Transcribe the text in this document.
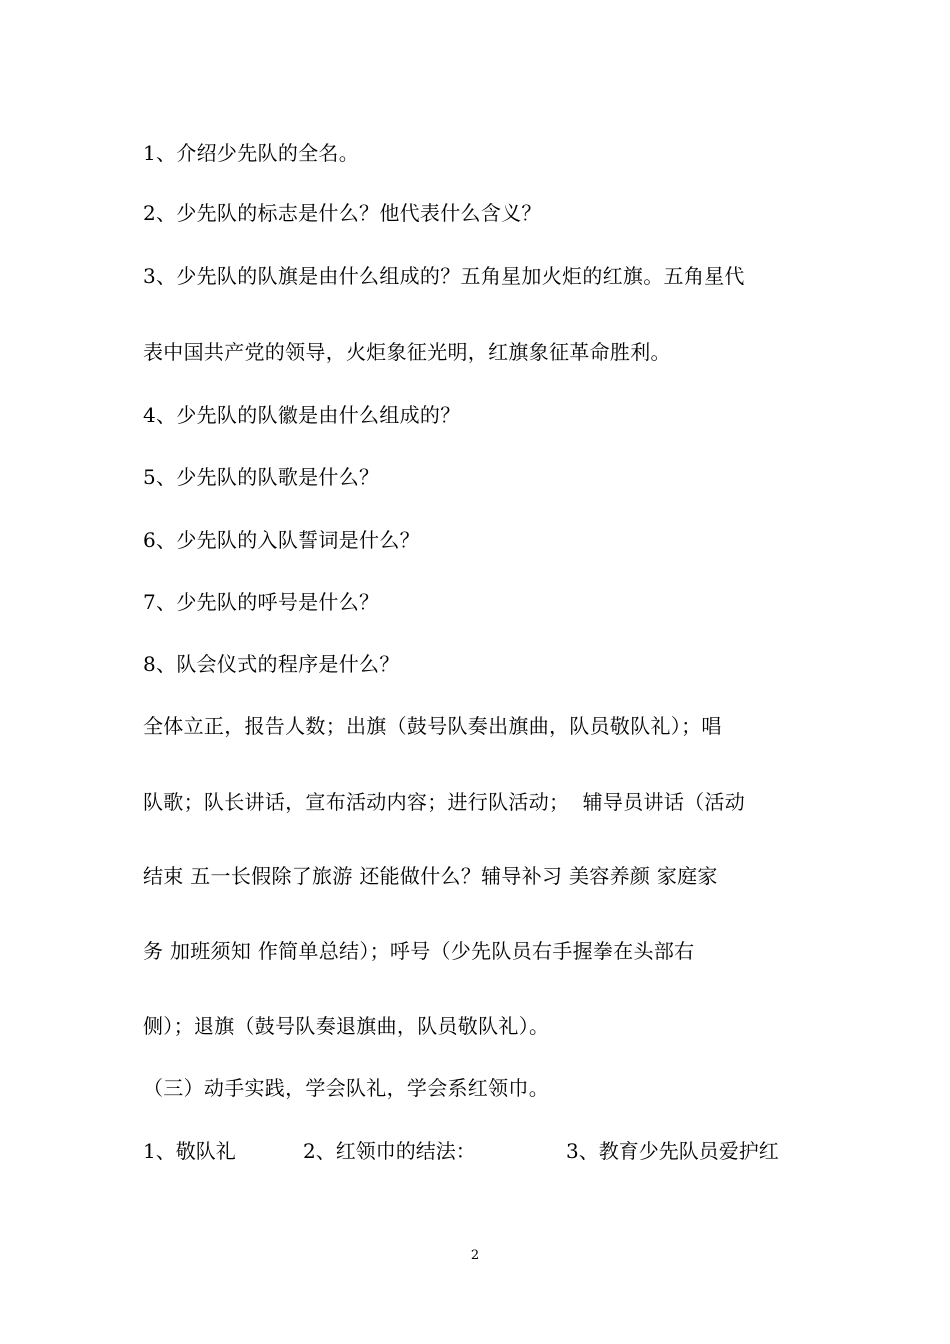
1、介绍少先队的全名。
2、少先队的标志是什么？他代表什么含义？
3、少先队的队旗是由什么组成的？五角星加火炬的红旗。五角星代
表中国共产党的领导，火炬象征光明，红旗象征革命胜利。
4、少先队的队徽是由什么组成的？
5、少先队的队歌是什么？
6、少先队的入队誓词是什么？
7、少先队的呼号是什么？
8、队会仪式的程序是什么？
全体立正，报告人数；出旗（鼓号队奏出旗曲，队员敬队礼）；唱
队歌；队长讲话，宣布活动内容；进行队活动；  辅导员讲话（活动
结束 五一长假除了旅游 还能做什么？辅导补习 美容养颜 家庭家
务 加班须知 作简单总结）；呼号（少先队员右手握拳在头部右
侧）；退旗（鼓号队奏退旗曲，队员敬队礼）。
（三）动手实践，学会队礼，学会系红领巾。

1、敬队礼

	2、红领巾的结法：

	3、教育少先队员爱护红

2
